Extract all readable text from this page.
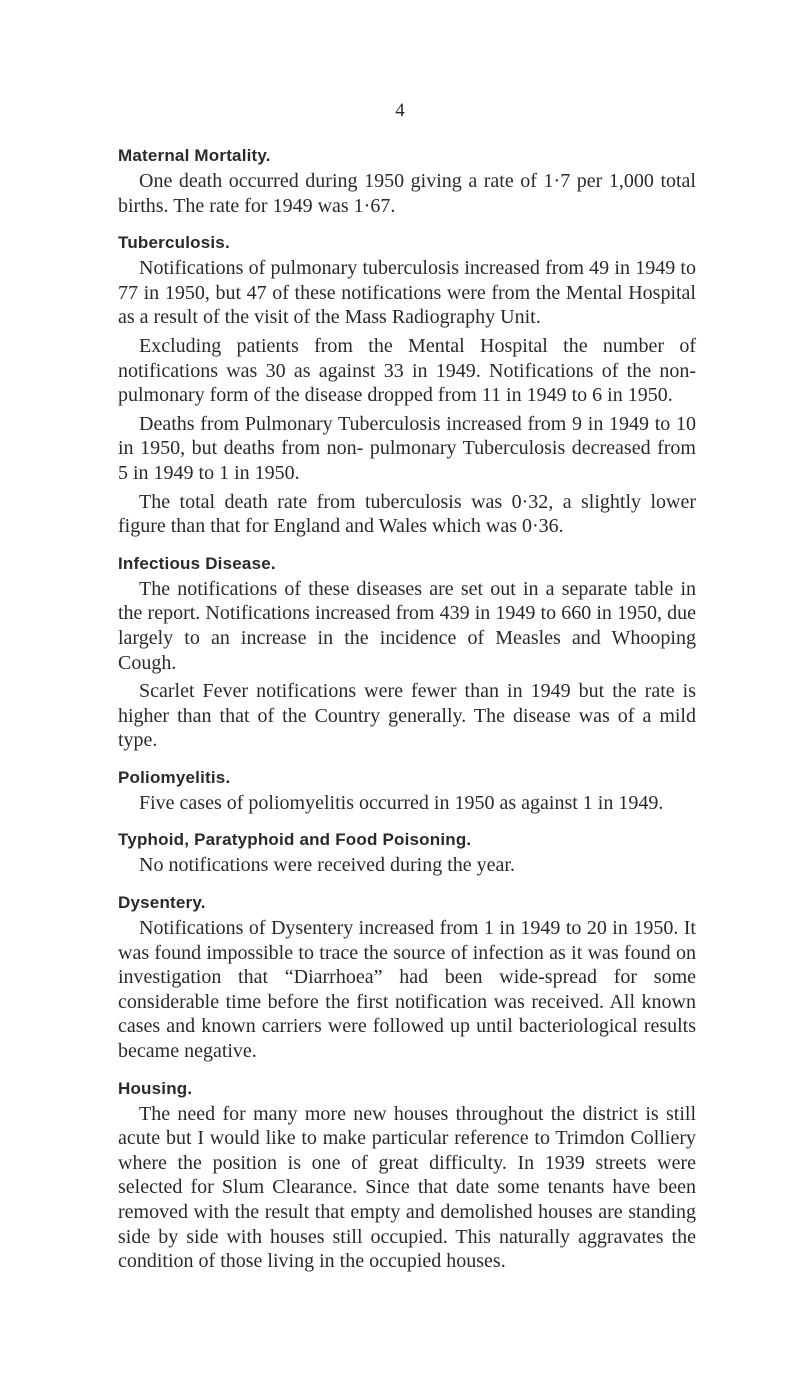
4
Maternal Mortality.

One death occurred during 1950 giving a rate of 1·7 per 1,000 total births. The rate for 1949 was 1·67.

Tuberculosis.

Notifications of pulmonary tuberculosis increased from 49 in 1949 to 77 in 1950, but 47 of these notifications were from the Mental Hospital as a result of the visit of the Mass Radiography Unit.

Excluding patients from the Mental Hospital the number of notifications was 30 as against 33 in 1949. Notifications of the non-pulmonary form of the disease dropped from 11 in 1949 to 6 in 1950.

Deaths from Pulmonary Tuberculosis increased from 9 in 1949 to 10 in 1950, but deaths from non- pulmonary Tuberculosis decreased from 5 in 1949 to 1 in 1950.

The total death rate from tuberculosis was 0·32, a slightly lower figure than that for England and Wales which was 0·36.

Infectious Disease.

The notifications of these diseases are set out in a separate table in the report. Notifications increased from 439 in 1949 to 660 in 1950, due largely to an increase in the incidence of Measles and Whooping Cough.

Scarlet Fever notifications were fewer than in 1949 but the rate is higher than that of the Country generally. The disease was of a mild type.

Poliomyelitis.

Five cases of poliomyelitis occurred in 1950 as against 1 in 1949.

Typhoid, Paratyphoid and Food Poisoning.

No notifications were received during the year.

Dysentery.

Notifications of Dysentery increased from 1 in 1949 to 20 in 1950. It was found impossible to trace the source of infection as it was found on investigation that “Diarrhoea” had been wide-spread for some considerable time before the first notification was received. All known cases and known carriers were followed up until bacteriological results became negative.

Housing.

The need for many more new houses throughout the district is still acute but I would like to make particular reference to Trimdon Colliery where the position is one of great difficulty. In 1939 streets were selected for Slum Clearance. Since that date some tenants have been removed with the result that empty and demolished houses are standing side by side with houses still occupied. This naturally aggravates the condition of those living in the occupied houses.
